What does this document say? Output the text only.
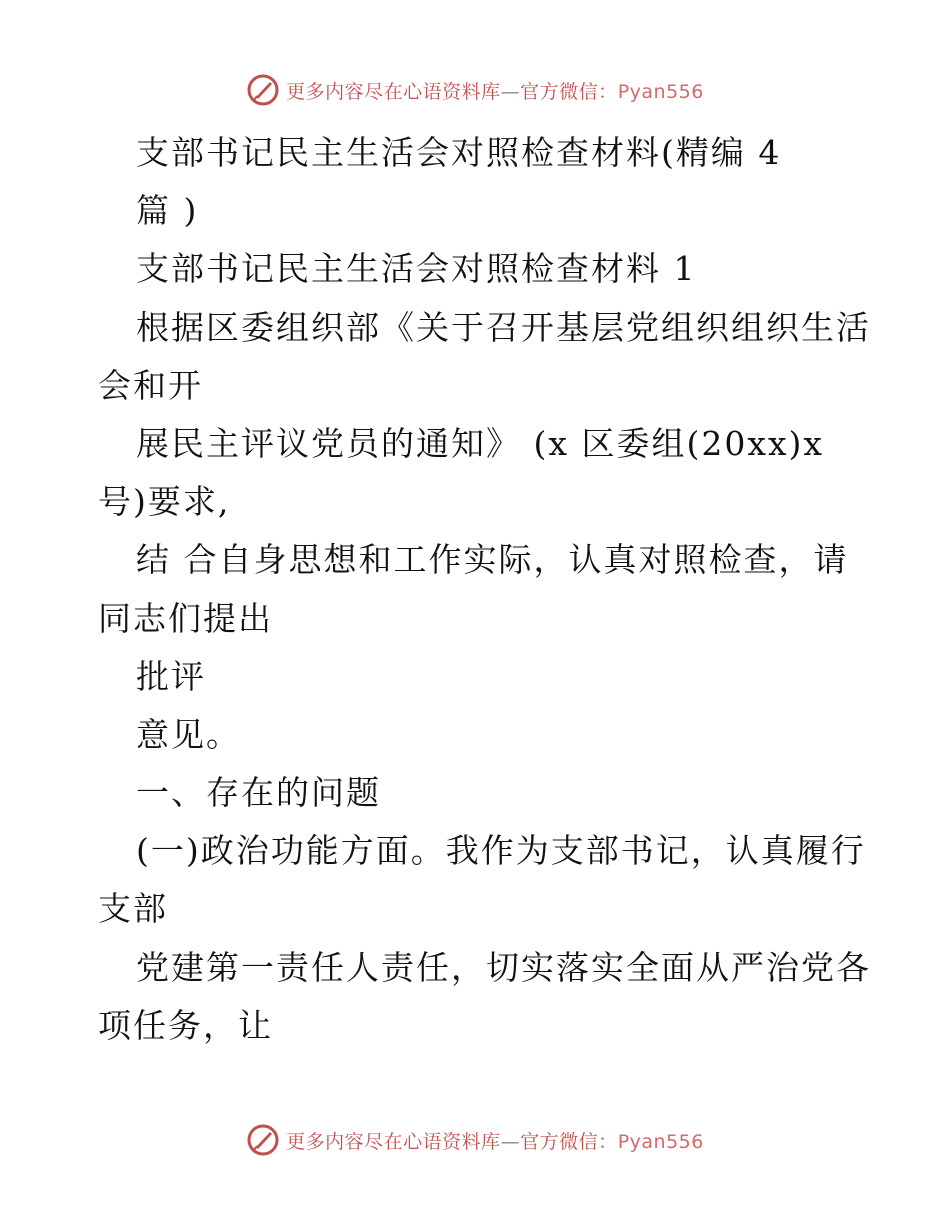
更多内容尽在心语资料库—官方微信：Pyan556
支部书记民主生活会对照检查材料(精编 4
篇 )
支部书记民主生活会对照检查材料 1
根据区委组织部《关于召开基层党组织组织生活
会和开
展民主评议党员的通知》 (x 区委组(20xx)x
号)要求,
结 合自身思想和工作实际，认真对照检查，请
同志们提出
批评
意见。
一、存在的问题
(一)政治功能方面。我作为支部书记，认真履行
支部
党建第一责任人责任，切实落实全面从严治党各
项任务，让
更多内容尽在心语资料库—官方微信：Pyan556
